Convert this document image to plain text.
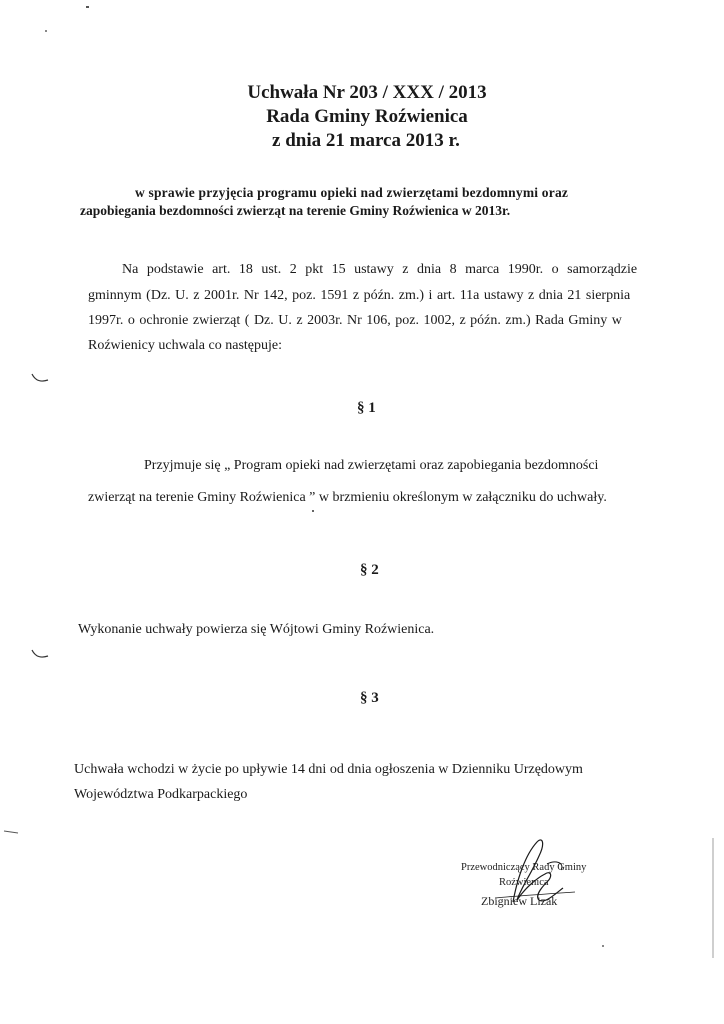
Uchwała Nr 203 / XXX / 2013
Rada Gminy Roźwienica
z dnia 21 marca 2013 r.
w sprawie przyjęcia programu opieki nad zwierzętami bezdomnymi oraz
zapobiegania bezdomności zwierząt na terenie Gminy Roźwienica w 2013r.
Na podstawie art. 18 ust. 2 pkt 15 ustawy z dnia 8 marca 1990r. o samorządzie
gminnym (Dz. U. z 2001r. Nr 142, poz. 1591 z późn. zm.) i art. 11a ustawy z dnia 21 sierpnia
1997r. o ochronie zwierząt ( Dz. U. z 2003r. Nr 106, poz. 1002, z późn. zm.) Rada Gminy w
Roźwienicy uchwala co następuje:
§ 1
Przyjmuje się „ Program opieki nad zwierzętami oraz zapobiegania bezdomności
zwierząt na terenie Gminy Roźwienica ” w brzmieniu określonym w załączniku do uchwały.
§ 2
Wykonanie uchwały powierza się Wójtowi Gminy Roźwienica.
§ 3
Uchwała wchodzi w życie po upływie 14 dni od dnia ogłoszenia w Dzienniku Urzędowym
Województwa Podkarpackiego
Przewodniczący Rady Gminy
Roźwienica
Zbigniew Lizak
